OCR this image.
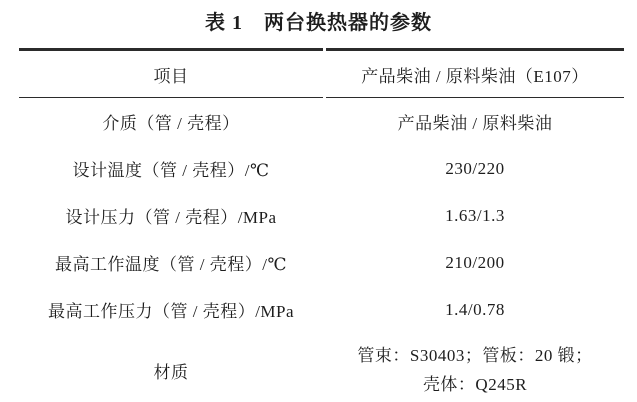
表 1　两台换热器的参数
项目	产品柴油 / 原料柴油（E107）
介质（管 / 壳程）	产品柴油 / 原料柴油
设计温度（管 / 壳程）/℃	230/220
设计压力（管 / 壳程）/MPa	1.63/1.3
最高工作温度（管 / 壳程）/℃	210/200
最高工作压力（管 / 壳程）/MPa	1.4/0.78
材质	管束：S30403；管板：20 锻；
壳体：Q245R
